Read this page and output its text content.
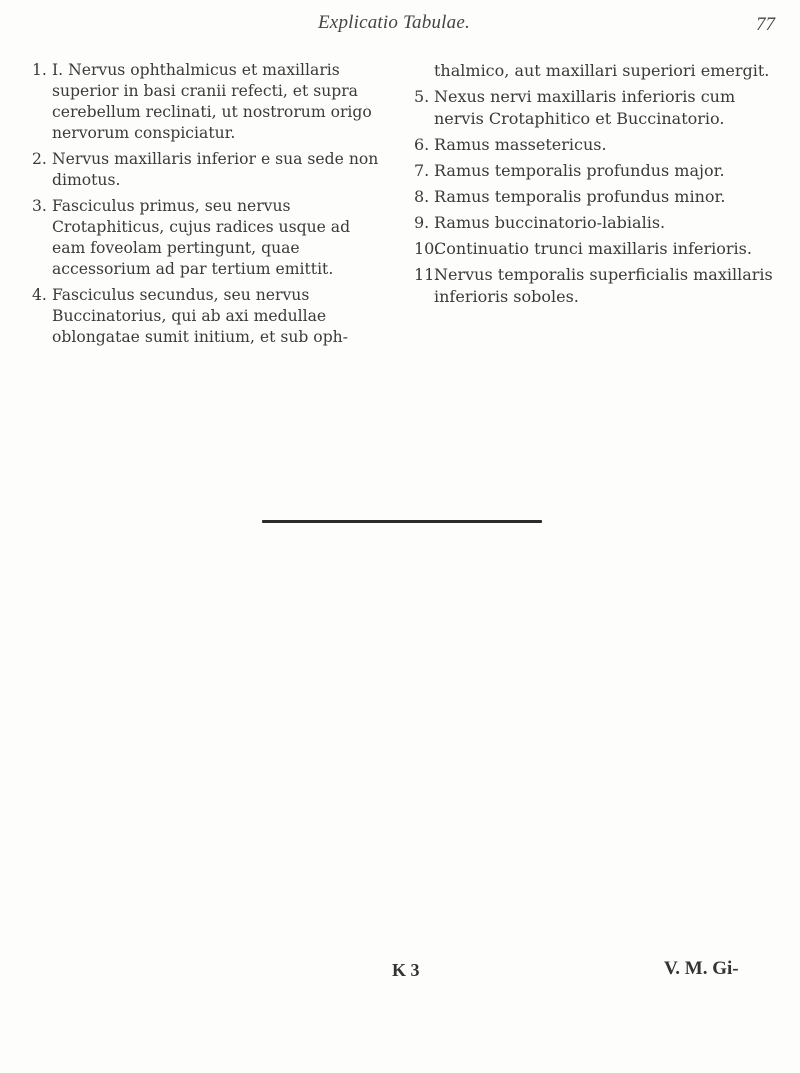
Explicatio Tabulae.	77
1. I. Nervus ophthalmicus et maxillaris superior in basi cranii refecti, et supra cerebellum reclinati, ut nostrorum origo nervorum conspiciatur.
2. Nervus maxillaris inferior e sua sede non dimotus.
3. Fasciculus primus, seu nervus Crotaphiticus, cujus radices usque ad eam foveolam pertingunt, quae accessorium ad par tertium emittit.
4. Fasciculus secundus, seu nervus Buccinatorius, qui ab axi medullae oblongatae sumit initium, et sub oph-
thalmico, aut maxillari superiori emergit.
5. Nexus nervi maxillaris inferioris cum nervis Crotaphitico et Buccinatorio.
6. Ramus massetericus.
7. Ramus temporalis profundus major.
8. Ramus temporalis profundus minor.
9. Ramus buccinatorio-labialis.
10.
Continuatio trunci maxillaris inferioris.
11.
Nervus temporalis superficialis maxillaris inferioris soboles.
K 3	V. M. Gi-
